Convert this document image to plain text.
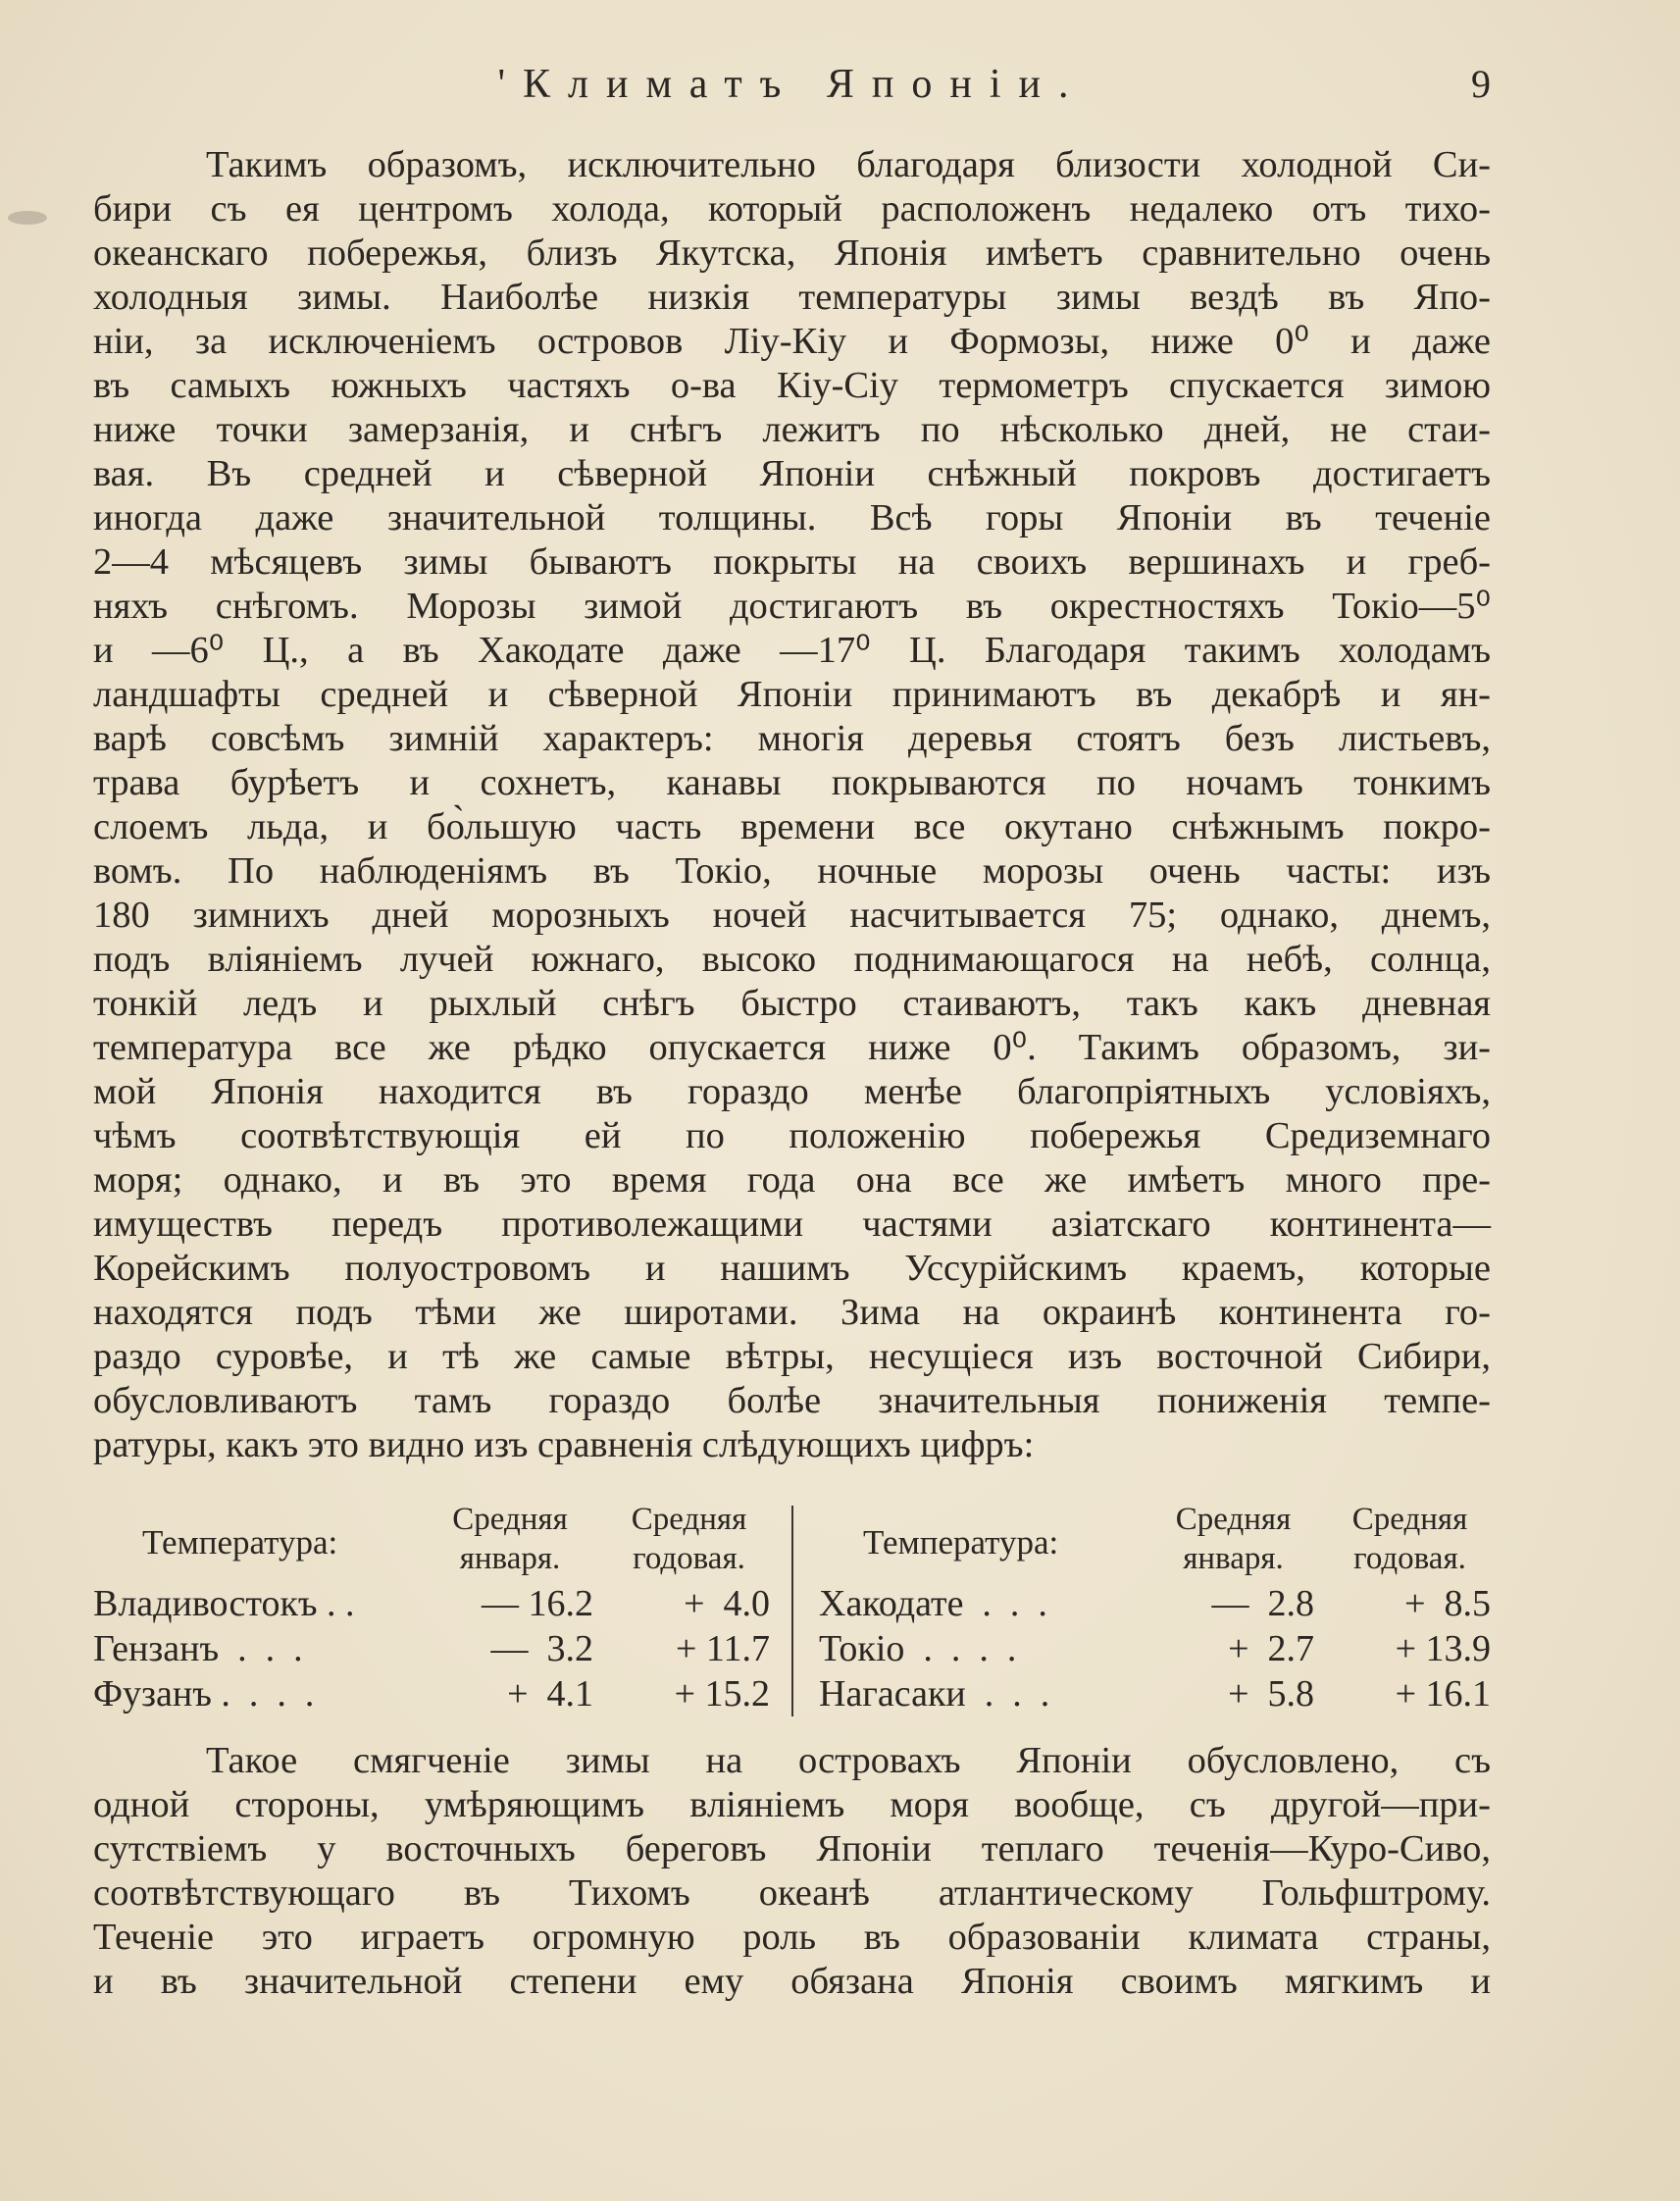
'Климатъ Японіи.	9
Такимъ образомъ, исключительно благодаря близости холодной Си-
бири съ ея центромъ холода, который расположенъ недалеко отъ тихо-
океанскаго побережья, близъ Якутска, Японія имѣетъ сравнительно очень
холодныя зимы. Наиболѣе низкія температуры зимы вездѣ въ Япо-
ніи, за исключеніемъ островов Ліу-Кіу и Формозы, ниже 0⁰ и даже
въ самыхъ южныхъ частяхъ о-ва Кіу-Сіу термометръ спускается зимою
ниже точки замерзанія, и снѣгъ лежитъ по нѣсколько дней, не стаи-
вая. Въ средней и сѣверной Японіи снѣжный покровъ достигаетъ
иногда даже значительной толщины. Всѣ горы Японіи въ теченіе
2—4 мѣсяцевъ зимы бываютъ покрыты на своихъ вершинахъ и греб-
няхъ снѣгомъ. Морозы зимой достигаютъ въ окрестностяхъ Токіо—5⁰
и —6⁰ Ц., а въ Хакодате даже —17⁰ Ц. Благодаря такимъ холодамъ
ландшафты средней и сѣверной Японіи принимаютъ въ декабрѣ и ян-
варѣ совсѣмъ зимній характеръ: многія деревья стоятъ безъ листьевъ,
трава бурѣетъ и сохнетъ, канавы покрываются по ночамъ тонкимъ
слоемъ льда, и бо̀льшую часть времени все окутано снѣжнымъ покро-
вомъ. По наблюденіямъ въ Токіо, ночные морозы очень часты: изъ
180 зимнихъ дней морозныхъ ночей насчитывается 75; однако, днемъ,
подъ вліяніемъ лучей южнаго, высоко поднимающагося на небѣ, солнца,
тонкій ледъ и рыхлый снѣгъ быстро стаиваютъ, такъ какъ дневная
температура все же рѣдко опускается ниже 0⁰. Такимъ образомъ, зи-
мой Японія находится въ гораздо менѣе благопріятныхъ условіяхъ,
чѣмъ соотвѣтствующія ей по положенію побережья Средиземнаго
моря; однако, и въ это время года она все же имѣетъ много пре-
имуществъ передъ противолежащими частями азіатскаго континента—
Корейскимъ полуостровомъ и нашимъ Уссурійскимъ краемъ, которые
находятся подъ тѣми же широтами. Зима на окраинѣ континента го-
раздо суровѣе, и тѣ же самые вѣтры, несущіеся изъ восточной Сибири,
обусловливаютъ тамъ гораздо болѣе значительныя пониженія темпе-
ратуры, какъ это видно изъ сравненія слѣдующихъ цифръ:
Температура:
Средняя
января.
Средняя
годовая.
Владивостокъ . .	— 16.2 +  4.0
Гензанъ  .  .  .	—  3.2 + 11.7
Фузанъ .  .  .  .	+  4.1 + 15.2
Температура:
Средняя
января.
Средняя
годовая.
Хакодате  .  .  .	—  2.8 +  8.5
Токіо  .  .  .  .	+  2.7 + 13.9
Нагасаки  .  .  .	+  5.8 + 16.1
Такое смягченіе зимы на островахъ Японіи обусловлено, съ
одной стороны, умѣряющимъ вліяніемъ моря вообще, съ другой—при-
сутствіемъ у восточныхъ береговъ Японіи теплаго теченія—Куро-Сиво,
соотвѣтствующаго въ Тихомъ океанѣ атлантическому Гольфштрому.
Теченіе это играетъ огромную роль въ образованіи климата страны,
и въ значительной степени ему обязана Японія своимъ мягкимъ и
